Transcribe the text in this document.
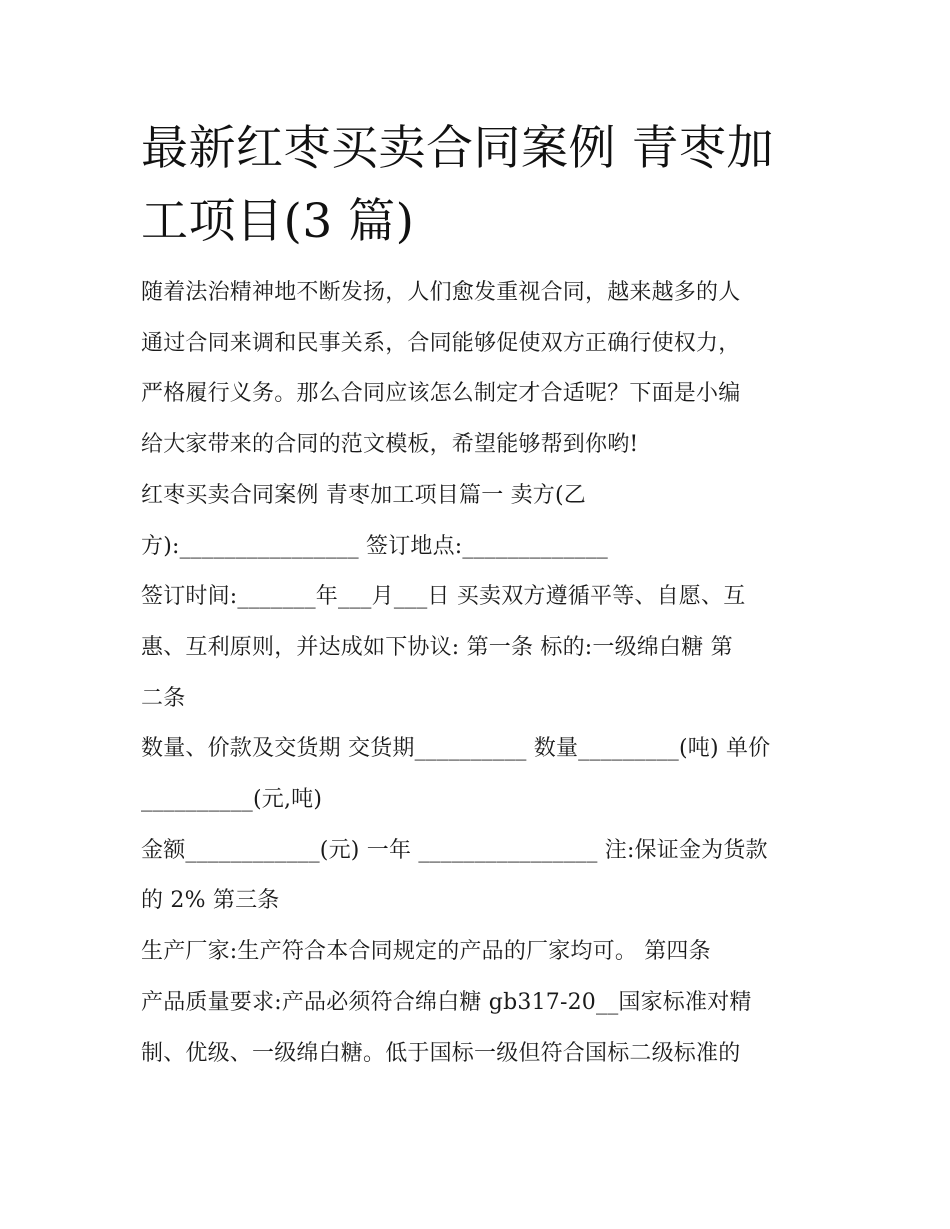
最新红枣买卖合同案例 青枣加
工项目(3 篇)
随着法治精神地不断发扬，人们愈发重视合同，越来越多的人
通过合同来调和民事关系，合同能够促使双方正确行使权力，
严格履行义务。那么合同应该怎么制定才合适呢？下面是小编
给大家带来的合同的范文模板，希望能够帮到你哟!
红枣买卖合同案例 青枣加工项目篇一 卖方(乙
方):________________ 签订地点:_____________
签订时间:_______年___月___日 买卖双方遵循平等、自愿、互
惠、互利原则，并达成如下协议: 第一条 标的:一级绵白糖 第
二条
数量、价款及交货期 交货期__________ 数量_________(吨) 单价
__________(元,吨)
金额____________(元) 一年 ________________ 注:保证金为货款
的 2% 第三条
生产厂家:生产符合本合同规定的产品的厂家均可。 第四条
产品质量要求:产品必须符合绵白糖 gb317-20__国家标准对精
制、优级、一级绵白糖。低于国标一级但符合国标二级标准的
